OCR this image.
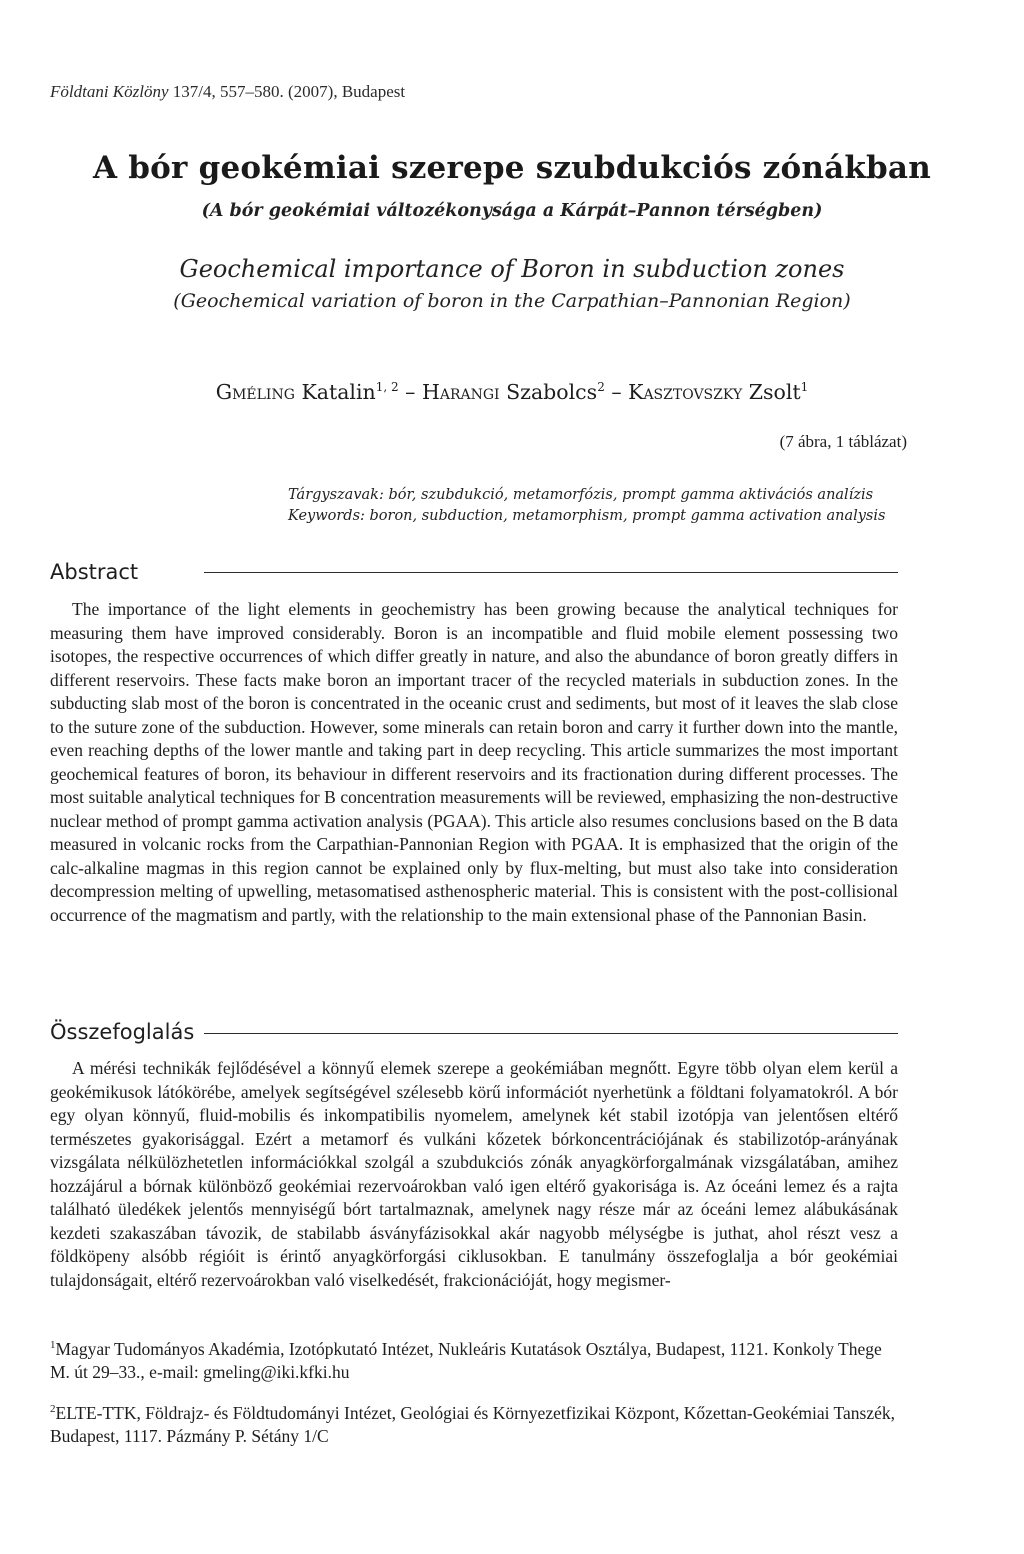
Földtani Közlöny 137/4, 557–580. (2007), Budapest
A bór geokémiai szerepe szubdukciós zónákban
(A bór geokémiai változékonysága a Kárpát–Pannon térségben)
Geochemical importance of Boron in subduction zones
(Geochemical variation of boron in the Carpathian–Pannonian Region)
Gméling Katalin$^{1, 2}$ – Harangi Szabolcs$^2$ – Kasztovszky Zsolt$^1$
(7 ábra, 1 táblázat)
Tárgyszavak: bór, szubdukció, metamorfózis, prompt gamma aktivációs analízis
Keywords: boron, subduction, metamorphism, prompt gamma activation analysis
Abstract

The importance of the light elements in geochemistry has been growing because the analytical techniques for measuring them have improved considerably. Boron is an incompatible and fluid mobile element possessing two isotopes, the respective occurrences of which differ greatly in nature, and also the abundance of boron greatly differs in different reservoirs. These facts make boron an important tracer of the recycled materials in subduction zones. In the subducting slab most of the boron is concentrated in the oceanic crust and sediments, but most of it leaves the slab close to the suture zone of the subduction. However, some minerals can retain boron and carry it further down into the mantle, even reaching depths of the lower mantle and taking part in deep recycling. This article summarizes the most important geochemical features of boron, its behaviour in different reservoirs and its fractionation during different processes. The most suitable analytical techniques for B concentration measurements will be reviewed, emphasizing the non-destructive nuclear method of prompt gamma activation analysis (PGAA). This article also resumes conclusions based on the B data measured in volcanic rocks from the Carpathian-Pannonian Region with PGAA. It is emphasized that the origin of the calc-alkaline magmas in this region cannot be explained only by flux-melting, but must also take into consideration decompression melting of upwelling, metasomatised asthenospheric material. This is consistent with the post-collisional occurrence of the magmatism and partly, with the relationship to the main extensional phase of the Pannonian Basin.

Összefoglalás

A mérési technikák fejlődésével a könnyű elemek szerepe a geokémiában megnőtt. Egyre több olyan elem kerül a geokémikusok látókörébe, amelyek segítségével szélesebb körű információt nyerhetünk a földtani folyamatokról. A bór egy olyan könnyű, fluid-mobilis és inkompatibilis nyomelem, amelynek két stabil izotópja van jelentősen eltérő természetes gyakorisággal. Ezért a metamorf és vulkáni kőzetek bórkoncentrációjának és stabilizotóp-arányának vizsgálata nélkülözhetetlen információkkal szolgál a szubdukciós zónák anyagkörforgalmának vizsgálatában, amihez hozzájárul a bórnak különböző geokémiai rezervoárokban való igen eltérő gyakorisága is. Az óceáni lemez és a rajta található üledékek jelentős mennyiségű bórt tartalmaznak, amelynek nagy része már az óceáni lemez alábukásának kezdeti szakaszában távozik, de stabilabb ásványfázisokkal akár nagyobb mélységbe is juthat, ahol részt vesz a földköpeny alsóbb régióit is érintő anyagkörforgási ciklusokban. E tanulmány összefoglalja a bór geokémiai tulajdonságait, eltérő rezervoárokban való viselkedését, frakcionációját, hogy megismer-

$^1$Magyar Tudományos Akadémia, Izotópkutató Intézet, Nukleáris Kutatások Osztálya, Budapest, 1121. Konkoly Thege M. út 29–33., e-mail: gmeling@iki.kfki.hu
$^2$ELTE-TTK, Földrajz- és Földtudományi Intézet, Geológiai és Környezetfizikai Központ, Kőzettan-Geokémiai Tanszék, Budapest, 1117. Pázmány P. Sétány 1/C
